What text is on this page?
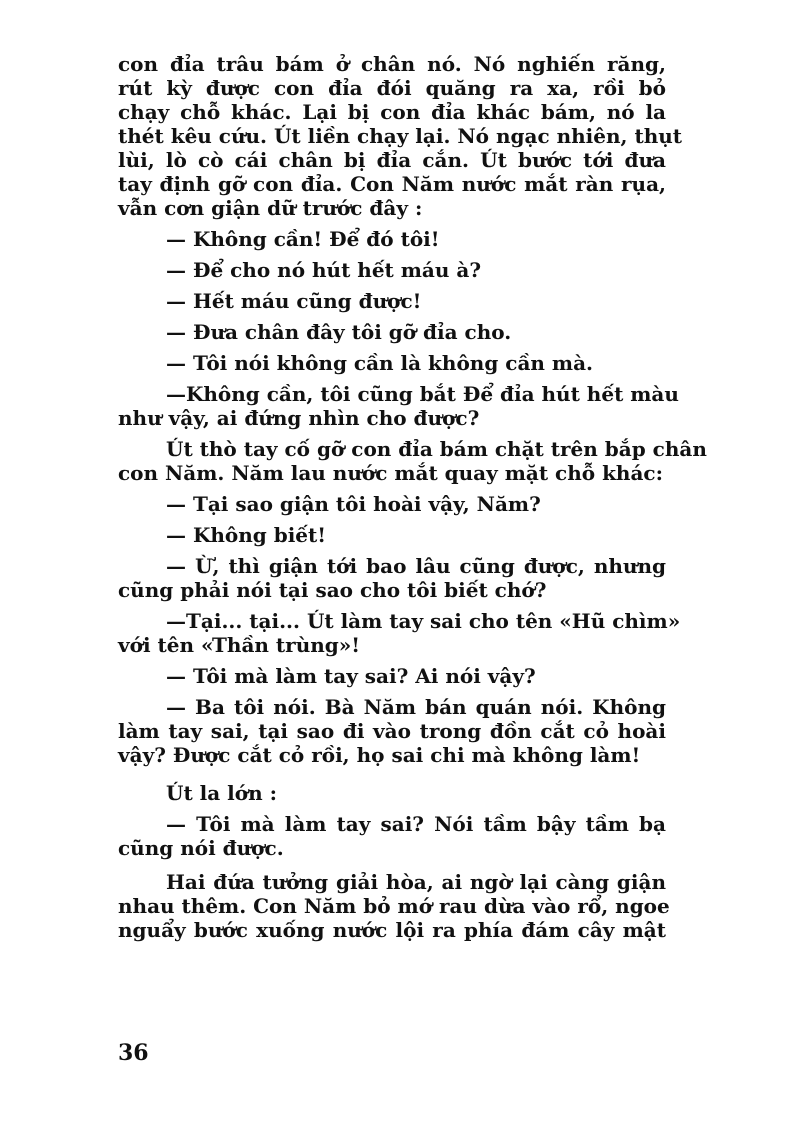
con đỉa trâu bám ở chân nó. Nó nghiến răng,
rút kỳ được con đỉa đói quăng ra xa, rồi bỏ
chạy chỗ khác. Lại bị con đỉa khác bám, nó la
thét kêu cứu. Út liền chạy lại. Nó ngạc nhiên, thụt
lùi, lò cò cái chân bị đỉa cắn. Út bước tới đưa
tay định gỡ con đỉa. Con Năm nước mắt ràn rụa,
vẫn cơn giận dữ trước đây :
— Không cần! Để đó tôi!
— Để cho nó hút hết máu à?
— Hết máu cũng được!
— Đưa chân đây tôi gỡ đỉa cho.
— Tôi nói không cần là không cần mà.
—Không cần, tôi cũng bắt Để đỉa hút hết màu
như vậy, ai đứng nhìn cho được?
Út thò tay cố gỡ con đỉa bám chặt trên bắp chân
con Năm. Năm lau nước mắt quay mặt chỗ khác:
— Tại sao giận tôi hoài vậy, Năm?
— Không biết!
— Ừ, thì giận tới bao lâu cũng được, nhưng
cũng phải nói tại sao cho tôi biết chớ?
—Tại... tại... Út làm tay sai cho tên «Hũ chìm»
với tên «Thần trùng»!
— Tôi mà làm tay sai? Ai nói vậy?
— Ba tôi nói. Bà Năm bán quán nói. Không
làm tay sai, tại sao đi vào trong đồn cắt cỏ hoài
vậy? Được cắt cỏ rồi, họ sai chi mà không làm!
Út la lớn :
— Tôi mà làm tay sai? Nói tầm bậy tầm bạ
cũng nói được.
Hai đứa tưởng giải hòa, ai ngờ lại càng giận
nhau thêm. Con Năm bỏ mớ rau dừa vào rổ, ngoe
nguẩy bước xuống nước lội ra phía đám cây mật
36
